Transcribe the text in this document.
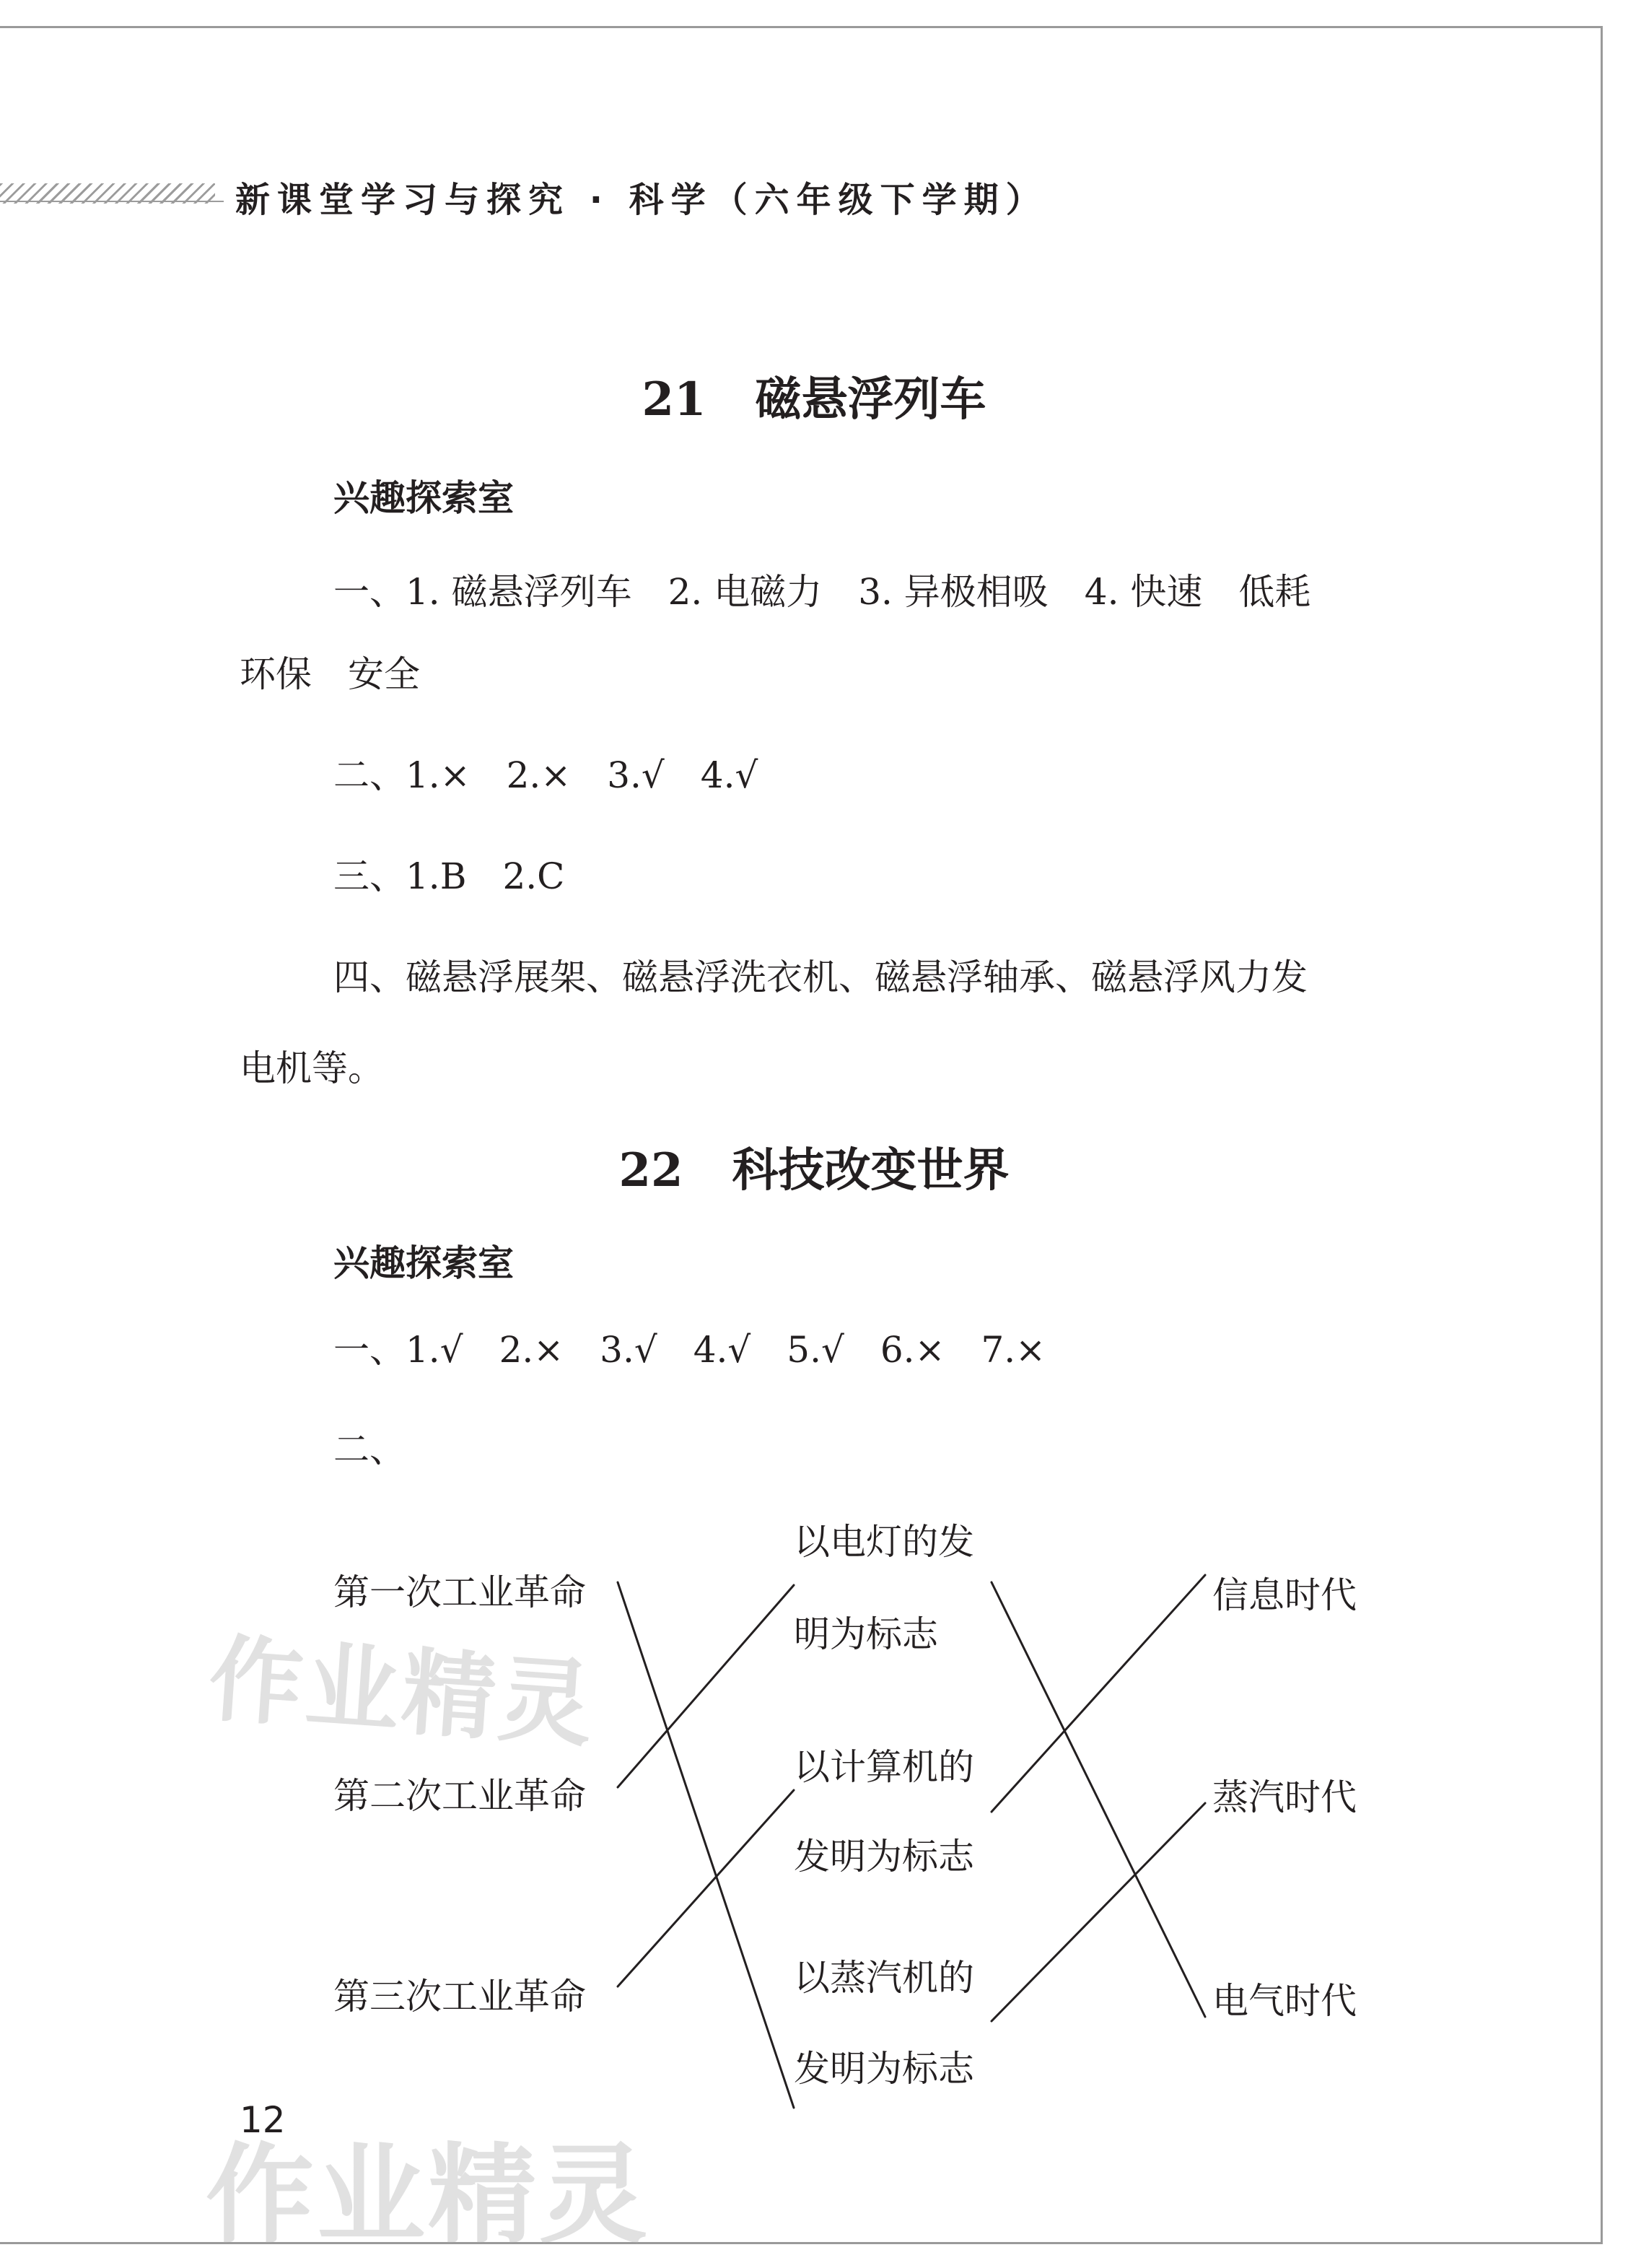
新课堂学习与探究 · 科学（六年级下学期）
21 磁悬浮列车
兴趣探索室
一、1. 磁悬浮列车　2. 电磁力　3. 异极相吸　4. 快速　低耗
环保　安全
二、1.×　2.×　3.√　4.√
三、1.B　2.C
四、磁悬浮展架、磁悬浮洗衣机、磁悬浮轴承、磁悬浮风力发
电机等。
22 科技改变世界
兴趣探索室
一、1.√　2.×　3.√　4.√　5.√　6.×　7.×
二、
第一次工业革命
第二次工业革命
第三次工业革命
以电灯的发
明为标志
以计算机的
发明为标志
以蒸汽机的
发明为标志
信息时代
蒸汽时代
电气时代
作业精灵
作业精灵
12
